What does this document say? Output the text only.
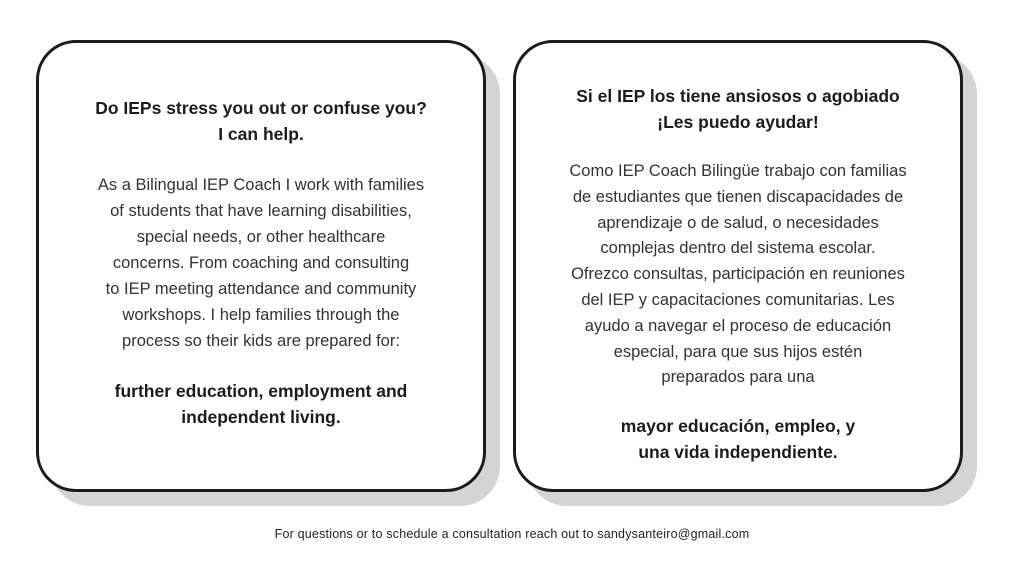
Do IEPs stress you out or confuse you?
I can help.

As a Bilingual IEP Coach I work with families
of students that have learning disabilities,
special needs, or other healthcare
concerns. From coaching and consulting
to IEP meeting attendance and community
workshops. I help families through the
process so their kids are prepared for:

further education, employment and
independent living.

Si el IEP los tiene ansiosos o agobiado
¡Les puedo ayudar!

Como IEP Coach Bilingüe trabajo con familias
de estudiantes que tienen discapacidades de
aprendizaje o de salud, o necesidades
complejas dentro del sistema escolar.
Ofrezco consultas, participación en reuniones
del IEP y capacitaciones comunitarias. Les
ayudo a navegar el proceso de educación
especial, para que sus hijos estén
preparados para una

mayor educación, empleo, y
una vida independiente.

For questions or to schedule a consultation reach out to sandysanteiro@gmail.com
